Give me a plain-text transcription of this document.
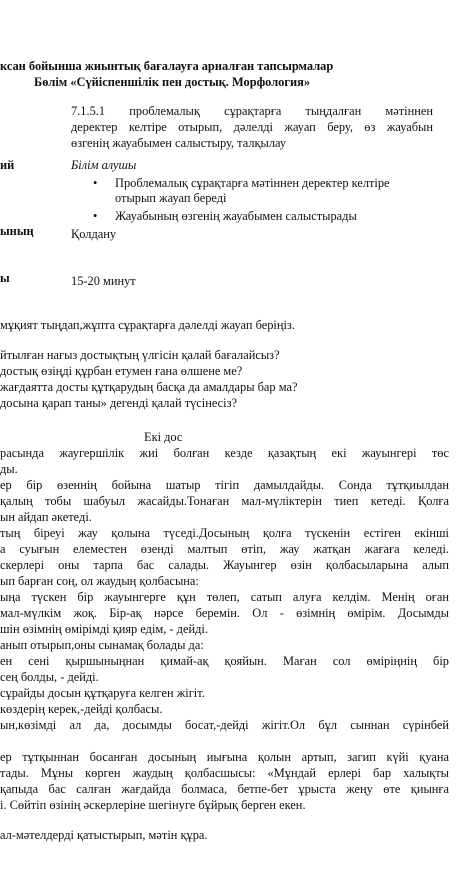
ксан бойынша жиынтық бағалауға арналған тапсырмалар
Бөлім «Сүйіспеншілік пен достық. Морфология»
7.1.5.1 проблемалық сұрақтарға тыңдалған мәтіннен
деректер келтіре отырып, дәлелді жауап беру, өз жауабын
өзгенің жауабымен салыстыру, талқылау
ий	Білім алушы
• Проблемалық сұрақтарға мәтіннен деректер келтіре
отырып жауап береді
• Жауабының өзгенің жауабымен салыстырады
ының	Қолдану
ы	15-20 минут
мұқият тыңдап,жұпта сұрақтарға дәлелді жауап беріңіз.
йтылған нағыз достықтың үлгісін қалай бағалайсыз?
достық өзіңді құрбан етумен ғана өлшене ме?
жағдаятта досты құтқарудың басқа да амалдары бар ма?
досына қарап таны» дегенді қалай түсінесіз?
Екі дос
расында жаугершілік жиі болған кезде қазақтың екі жауынгері төс
ды.
ер бір өзеннің бойына шатыр тігіп дамылдайды. Сонда тұтқиылдан
қалың тобы шабуыл жасайды.Тонаған мал-мүліктерін тиеп кетеді. Қолға
ын айдап әкетеді.
тың біреуі жау қолына түседі.Досының қолға түскенін естіген екінші
а суығын елеместен өзенді малтып өтіп, жау жатқан жағаға келеді.
скерлері оны тарпа бас салады. Жауынгер өзін қолбасыларына алып
ып барған соң, ол жаудың қолбасына:
ыңа түскен бір жауынгерге құн төлеп, сатып алуға келдім. Менің оған
мал-мүлкім жоқ. Бір-ақ нәрсе беремін. Ол - өзімнің өмірім. Досымды
шін өзімнің өмірімді қияр едім, - дейді.
анып отырып,оны сынамақ болады да:
ен сені қыршыныңнан қимай-ақ қояйын. Маған сол өміріңнің бір
сең болды, - дейді.
сұрайды досын құтқаруға келген жігіт.
көздерің керек,-дейді қолбасы.
ын,көзімді ал да, досымды босат,-дейді жігіт.Ол бұл сыннан сүрінбей
ер тұтқыннан босанған досының иығына қолын артып, загип күйі қуана
тады. Мұны көрген жаудың қолбасшысы: «Мұндай ерлері бар халықты
қапыда бас салған жағдайда болмаса, бетпе-бет ұрыста жеңу өте қиынға
і. Сөйтіп өзінің әскерлеріне шегінуге бұйрық берген екен.
ал-мәтелдерді қатыстырып, мәтін құра.
